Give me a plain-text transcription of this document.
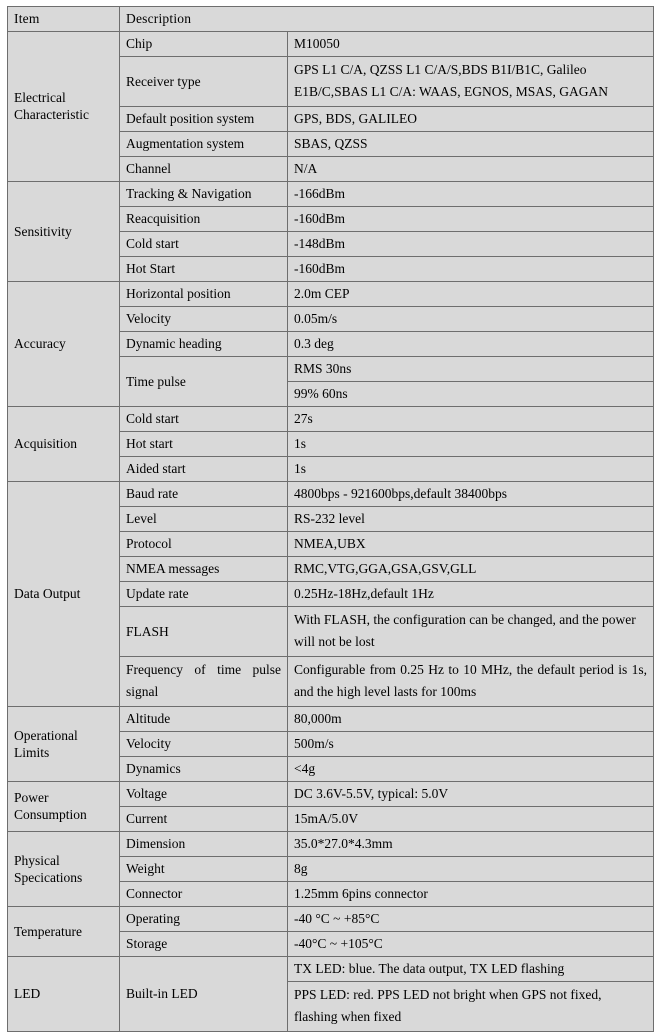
Item	Description	
Electrical Characteristic	Chip	M10050
	Receiver type	GPS L1 C/A, QZSS L1 C/A/S,BDS B1I/B1C, Galileo E1B/C,SBAS L1 C/A: WAAS, EGNOS, MSAS, GAGAN
	Default position system	GPS, BDS, GALILEO
	Augmentation system	SBAS, QZSS
	Channel	N/A
Sensitivity	Tracking & Navigation	-166dBm
	Reacquisition	-160dBm
	Cold start	-148dBm
	Hot Start	-160dBm
Accuracy	Horizontal position	2.0m CEP
	Velocity	0.05m/s
	Dynamic heading	0.3 deg
	Time pulse	RMS 30ns
		99% 60ns
Acquisition	Cold start	27s
	Hot start	1s
	Aided start	1s
Data Output	Baud rate	4800bps - 921600bps,default 38400bps
	Level	RS-232 level
	Protocol	NMEA,UBX
	NMEA messages	RMC,VTG,GGA,GSA,GSV,GLL
	Update rate	0.25Hz-18Hz,default 1Hz
	FLASH	With FLASH, the configuration can be changed, and the power will not be lost
	Frequency of time pulse signal	Configurable from 0.25 Hz to 10 MHz, the default period is 1s, and the high level lasts for 100ms
Operational Limits	Altitude	80,000m
	Velocity	500m/s
	Dynamics	<4g
Power Consumption	Voltage	DC 3.6V-5.5V, typical: 5.0V
	Current	15mA/5.0V
Physical Specications	Dimension	35.0*27.0*4.3mm
	Weight	8g
	Connector	1.25mm 6pins connector
Temperature	Operating	-40 °C ~ +85°C
	Storage	-40°C ~ +105°C
LED	Built-in LED	TX LED: blue. The data output, TX LED flashing
		PPS LED: red. PPS LED not bright when GPS not fixed, flashing when fixed
